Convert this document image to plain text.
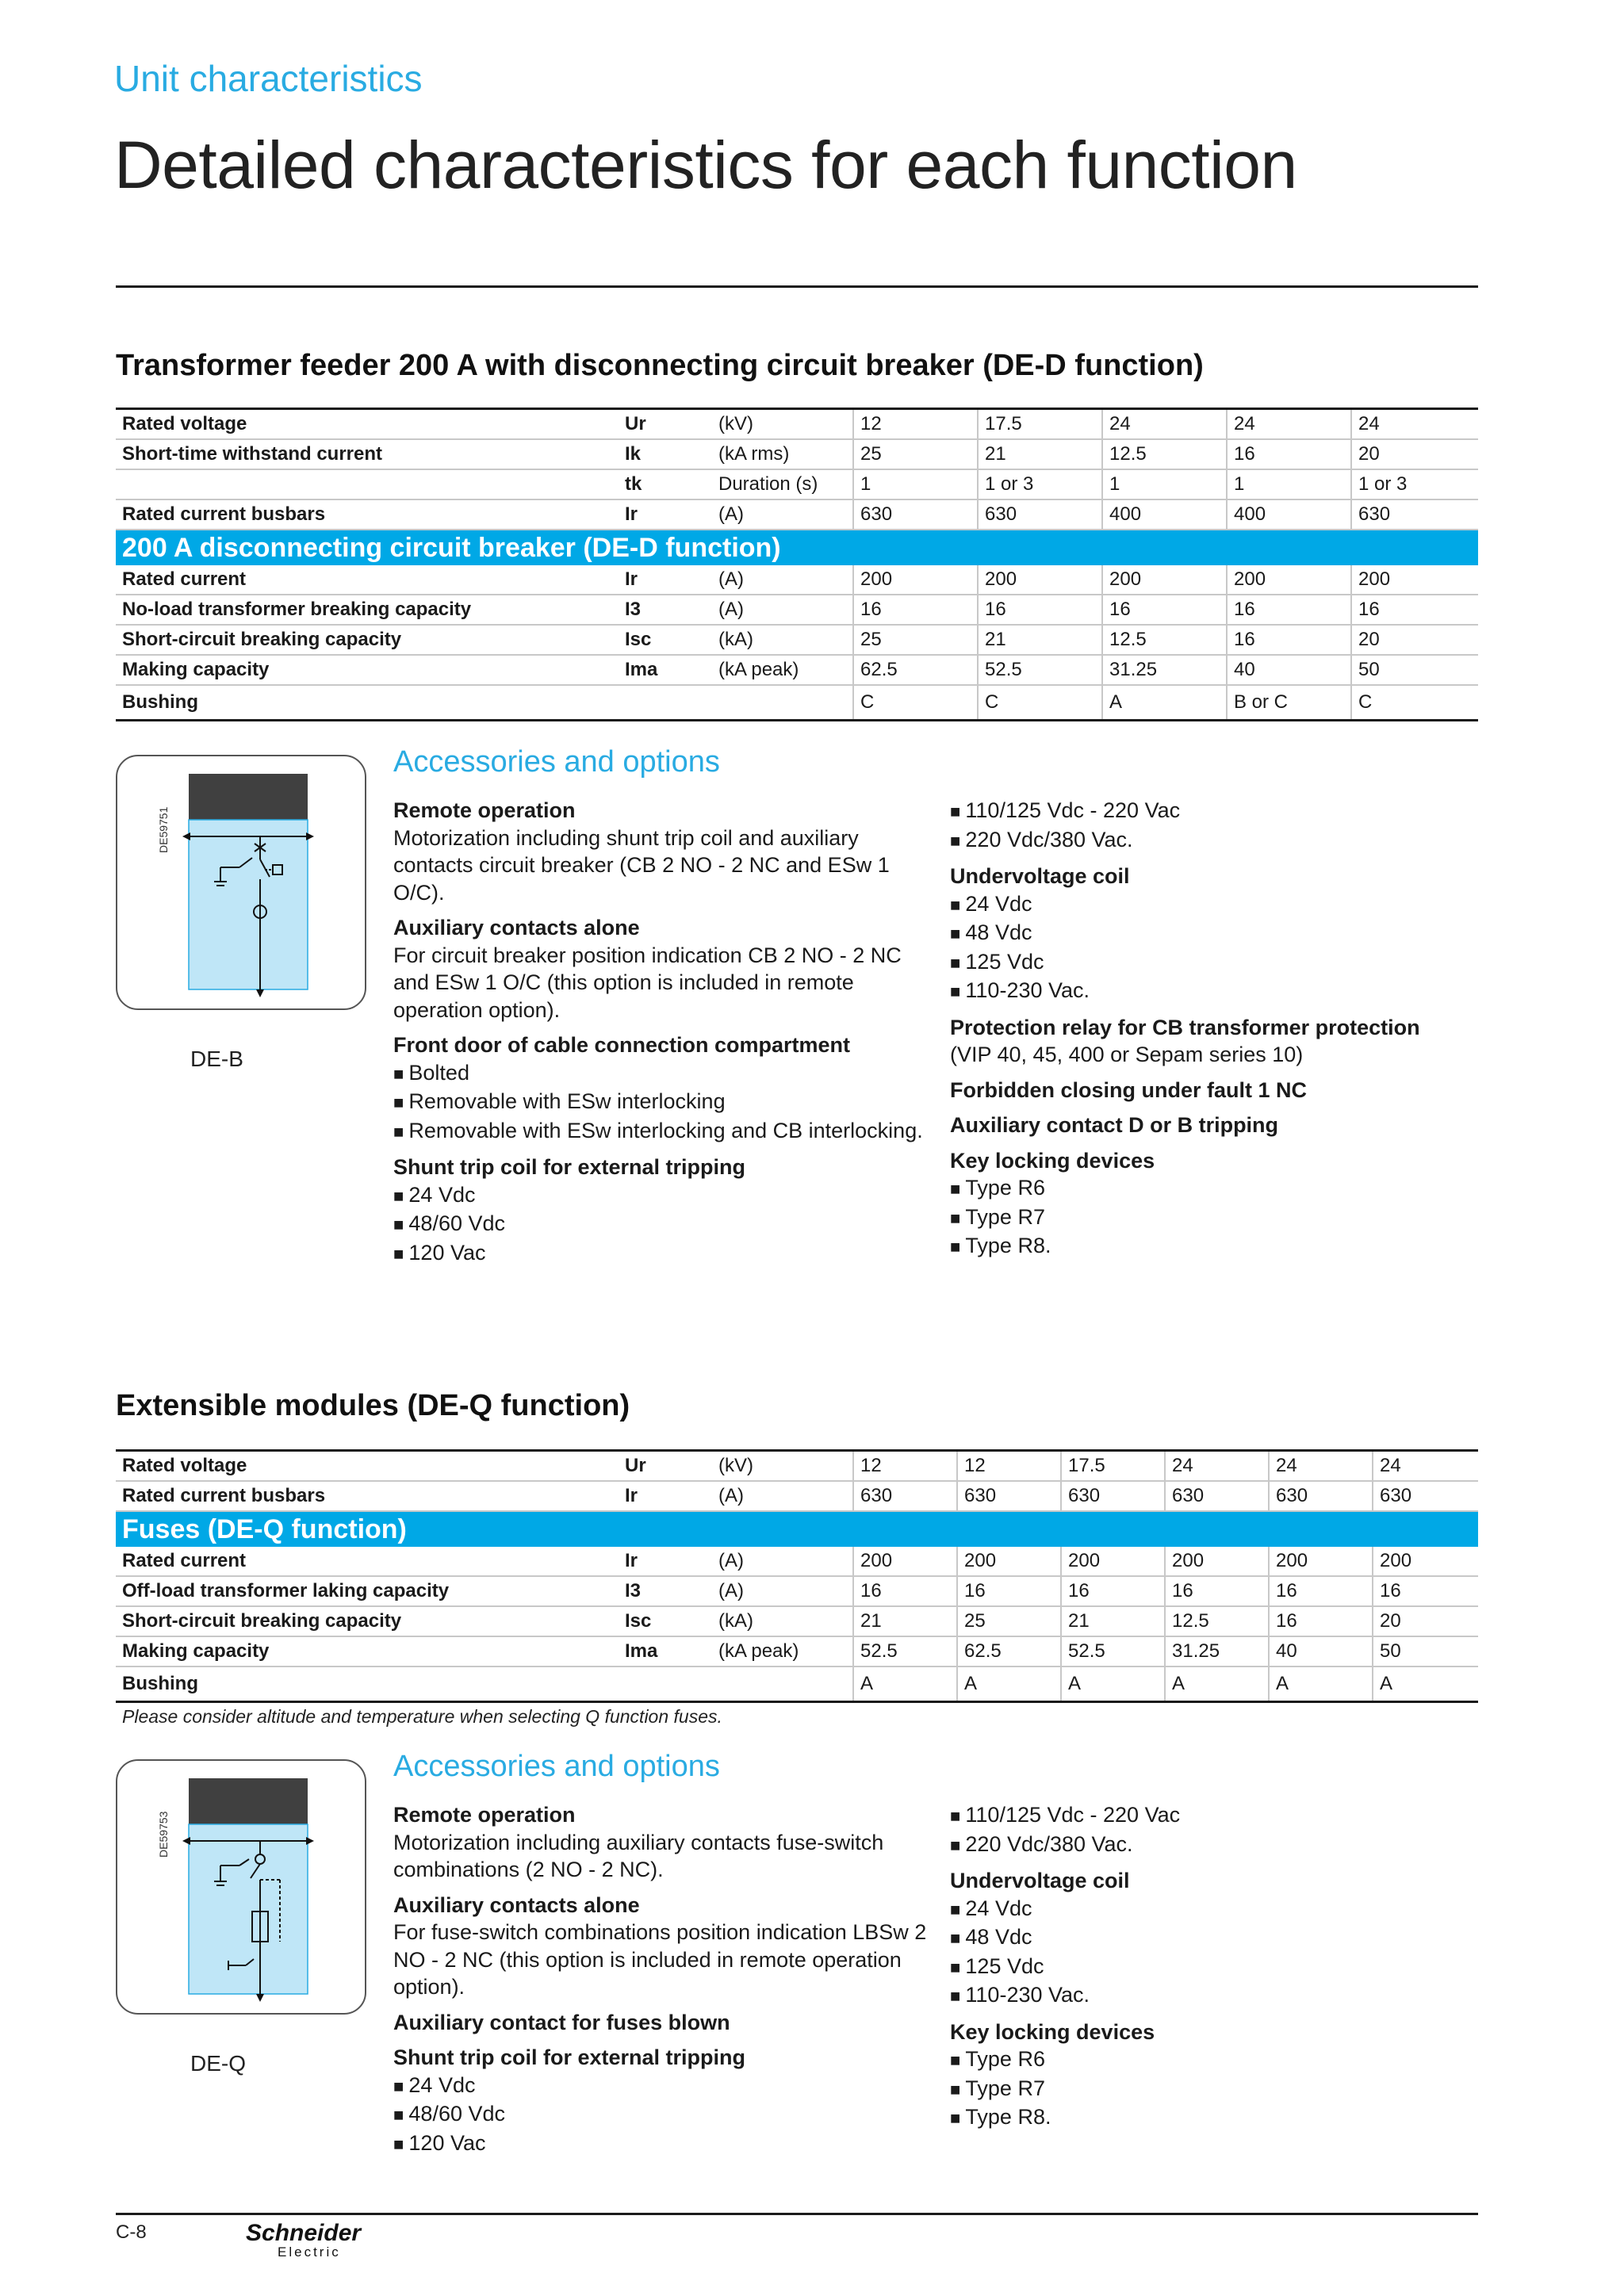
Unit characteristics
Detailed characteristics for each function
Transformer feeder 200 A with disconnecting circuit breaker (DE-D function)
Rated voltage	Ur	(kV)	12	17.5	24	24	24
Short-time withstand current	Ik	(kA rms)	25	21	12.5	16	20
	tk	Duration (s)	1	1 or 3	1	1	1 or 3
Rated current busbars	Ir	(A)	630	630	400	400	630
200 A disconnecting circuit breaker (DE-D function)							
Rated current	Ir	(A)	200	200	200	200	200
No-load transformer breaking capacity	I3	(A)	16	16	16	16	16
Short-circuit breaking capacity	Isc	(kA)	25	21	12.5	16	20
Making capacity	Ima	(kA peak)	62.5	52.5	31.25	40	50
Bushing			C	C	A	B or C	C
DE59751
DE-B
Accessories and options
Remote operation
Motorization including shunt trip coil and auxiliary contacts circuit breaker (CB 2 NO - 2 NC and ESw 1 O/C).
Auxiliary contacts alone
For circuit breaker position indication CB 2 NO - 2 NC and ESw 1 O/C (this option is included in remote operation option).
Front door of cable connection compartment
■ Bolted
■ Removable with ESw interlocking
■ Removable with ESw interlocking and CB interlocking.
Shunt trip coil for external tripping
■ 24 Vdc
■ 48/60 Vdc
■ 120 Vac
■ 110/125 Vdc - 220 Vac
■ 220 Vdc/380 Vac.
Undervoltage coil
■ 24 Vdc
■ 48 Vdc
■ 125 Vdc
■ 110-230 Vac.
Protection relay for CB transformer protection
(VIP 40, 45, 400 or Sepam series 10)
Forbidden closing under fault 1 NC
Auxiliary contact D or B tripping
Key locking devices
■ Type R6
■ Type R7
■ Type R8.
Extensible modules (DE-Q function)
Rated voltage	Ur	(kV)	12	12	17.5	24	24	24
Rated current busbars	Ir	(A)	630	630	630	630	630	630
Fuses (DE-Q function)								
Rated current	Ir	(A)	200	200	200	200	200	200
Off-load transformer laking capacity	I3	(A)	16	16	16	16	16	16
Short-circuit breaking capacity	Isc	(kA)	21	25	21	12.5	16	20
Making capacity	Ima	(kA peak)	52.5	62.5	52.5	31.25	40	50
Bushing			A	A	A	A	A	A
Please consider altitude and temperature when selecting Q function fuses.
DE59753
DE-Q
Accessories and options
Remote operation
Motorization including auxiliary contacts fuse-switch combinations (2 NO - 2 NC).
Auxiliary contacts alone
For fuse-switch combinations position indication LBSw 2 NO - 2 NC (this option is included in remote operation option).
Auxiliary contact for fuses blown
Shunt trip coil for external tripping
■ 24 Vdc
■ 48/60 Vdc
■ 120 Vac
■ 110/125 Vdc - 220 Vac
■ 220 Vdc/380 Vac.
Undervoltage coil
■ 24 Vdc
■ 48 Vdc
■ 125 Vdc
■ 110-230 Vac.
Key locking devices
■ Type R6
■ Type R7
■ Type R8.
C-8	Schneider
Electric
